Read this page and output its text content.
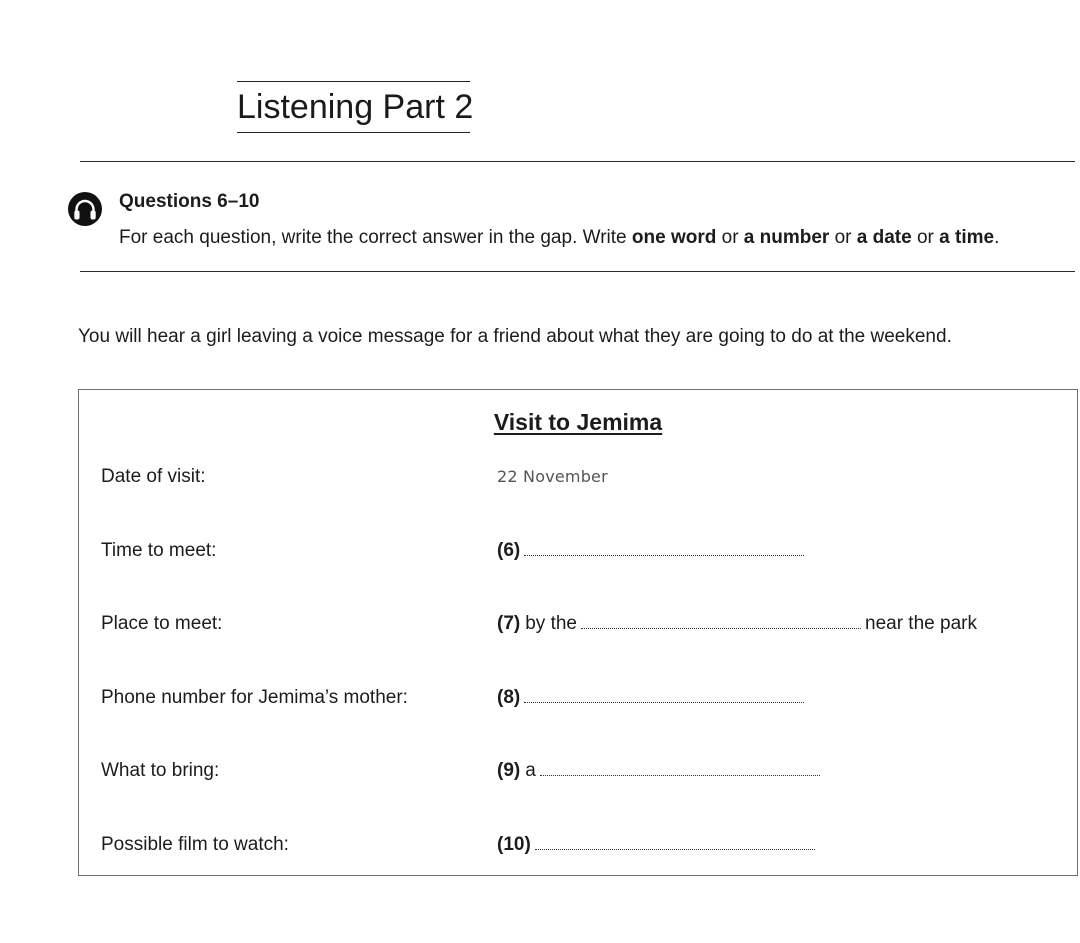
Listening Part 2
Questions 6–10
For each question, write the correct answer in the gap. Write one word or a number or a date or a time.
You will hear a girl leaving a voice message for a friend about what they are going to do at the weekend.
Visit to Jemima
Date of visit:	22 November
Time to meet:	(6)
Place to meet:	(7) by the	near the park
Phone number for Jemima’s mother:	(8)
What to bring:	(9) a
Possible film to watch:	(10)
